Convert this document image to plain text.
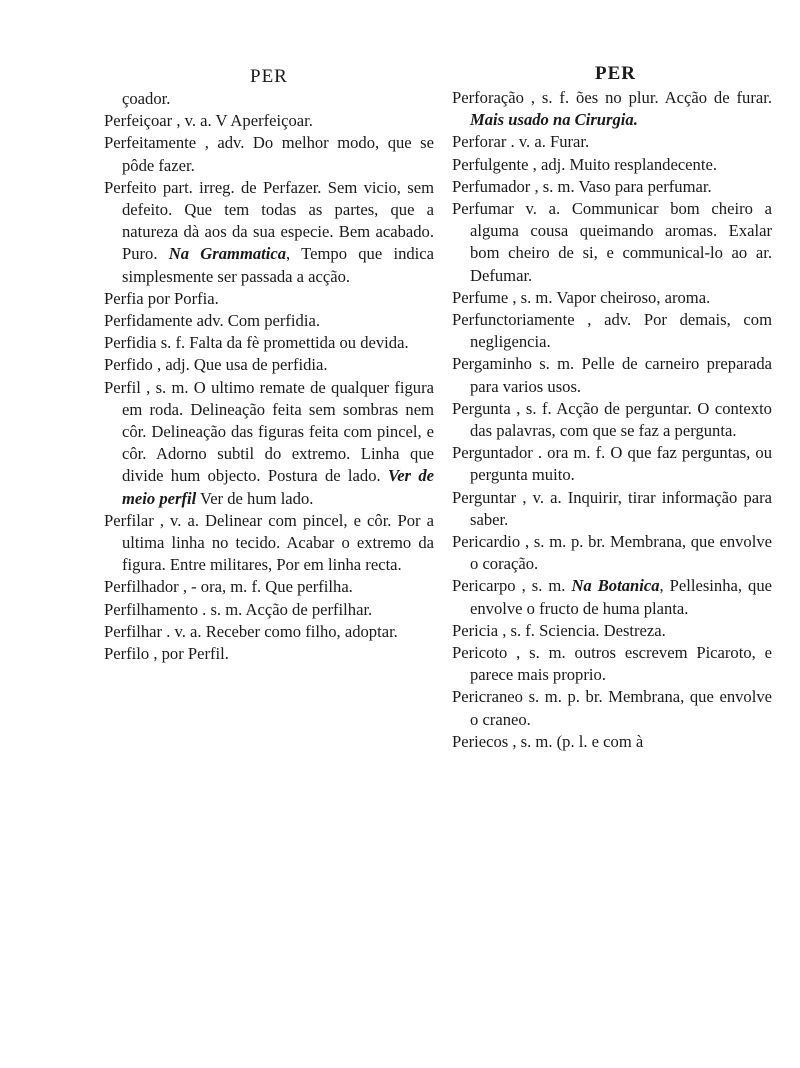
PER	PER
çoador.
Perfeiçoar , v. a. V Aperfeiçoar.
Perfeitamente , adv. Do melhor modo, que se pôde fazer.
Perfeito part. irreg. de Perfazer. Sem vicio, sem defeito. Que tem todas as partes, que a natureza dà aos da sua especie. Bem acabado. Puro. Na Grammatica, Tempo que indica simplesmente ser passada a acção.
Perfia por Porfia.
Perfidamente adv. Com perfidia.
Perfidia s. f. Falta da fè promettida ou devida.
Perfido , adj. Que usa de perfidia.
Perfil , s. m. O ultimo remate de qualquer figura em roda. Delineação feita sem sombras nem côr. Delineação das figuras feita com pincel, e côr. Adorno subtil do extremo. Linha que divide hum objecto. Postura de lado. Ver de meio perfil Ver de hum lado.
Perfilar , v. a. Delinear com pincel, e côr. Por a ultima linha no tecido. Acabar o extremo da figura. Entre militares, Por em linha recta.
Perfilhador , - ora, m. f. Que perfilha.
Perfilhamento . s. m. Acção de perfilhar.
Perfilhar . v. a. Receber como filho, adoptar.
Perfilo , por Perfil.
Perforação , s. f. ões no plur. Acção de furar. Mais usado na Cirurgia.
Perforar . v. a. Furar.
Perfulgente , adj. Muito resplandecente.
Perfumador , s. m. Vaso para perfumar.
Perfumar v. a. Communicar bom cheiro a alguma cousa queimando aromas. Exalar bom cheiro de si, e communical-lo ao ar. Defumar.
Perfume , s. m. Vapor cheiroso, aroma.
Perfunctoriamente , adv. Por demais, com negligencia.
Pergaminho s. m. Pelle de carneiro preparada para varios usos.
Pergunta , s. f. Acção de perguntar. O contexto das palavras, com que se faz a pergunta.
Perguntador . ora m. f. O que faz perguntas, ou pergunta muito.
Perguntar , v. a. Inquirir, tirar informação para saber.
Pericardio , s. m. p. br. Membrana, que envolve o coração.
Pericarpo , s. m. Na Botanica, Pellesinha, que envolve o fructo de huma planta.
Pericia , s. f. Sciencia. Destreza.
Pericoto , s. m. outros escrevem Picaroto, e parece mais proprio.
Pericraneo s. m. p. br. Membrana, que envolve o craneo.
Periecos , s. m. (p. l. e com à
